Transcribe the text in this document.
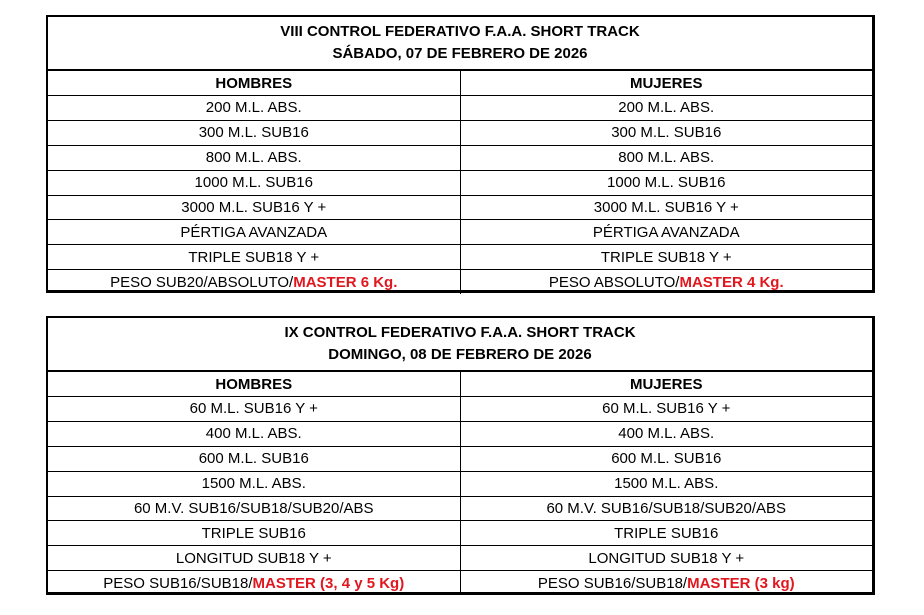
VIII CONTROL FEDERATIVO F.A.A. SHORT TRACK
SÁBADO, 07 DE FEBRERO DE 2026
HOMBRES	MUJERES
200 M.L. ABS.	200 M.L. ABS.
300 M.L. SUB16	300 M.L. SUB16
800 M.L. ABS.	800 M.L. ABS.
1000 M.L. SUB16	1000 M.L. SUB16
3000 M.L. SUB16 Y +	3000 M.L. SUB16 Y +
PÉRTIGA AVANZADA	PÉRTIGA AVANZADA
TRIPLE SUB18 Y +	TRIPLE SUB18 Y +
PESO SUB20/ABSOLUTO/MASTER 6 Kg.	PESO ABSOLUTO/MASTER 4 Kg.
IX CONTROL FEDERATIVO F.A.A. SHORT TRACK
DOMINGO, 08 DE FEBRERO DE 2026
HOMBRES	MUJERES
60 M.L. SUB16 Y +	60 M.L. SUB16 Y +
400 M.L. ABS.	400 M.L. ABS.
600 M.L. SUB16	600 M.L. SUB16
1500 M.L. ABS.	1500 M.L. ABS.
60 M.V. SUB16/SUB18/SUB20/ABS	60 M.V. SUB16/SUB18/SUB20/ABS
TRIPLE SUB16	TRIPLE SUB16
LONGITUD SUB18 Y +	LONGITUD SUB18 Y +
PESO SUB16/SUB18/MASTER (3, 4 y 5 Kg)	PESO SUB16/SUB18/MASTER (3 kg)
